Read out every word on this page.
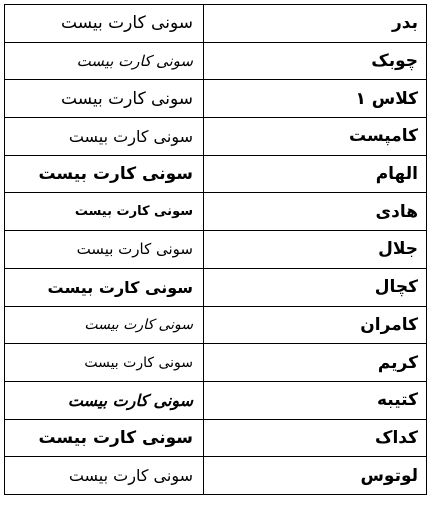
بدر	سونی کارت بیست
چوبک	سونی کارت بیست
کلاس ۱	سونی کارت بیست
کامپست	سونی کارت بیست
الهام	سونی کارت بیست
هادی	سونی کارت بیست
جلال	سونی کارت بیست
کچال	سونی کارت بیست
کامران	سونی کارت بیست
کریم	سونی کارت بیست
کتیبه	سونی کارت بیست
کداک	سونی کارت بیست
لوتوس	سونی کارت بیست
